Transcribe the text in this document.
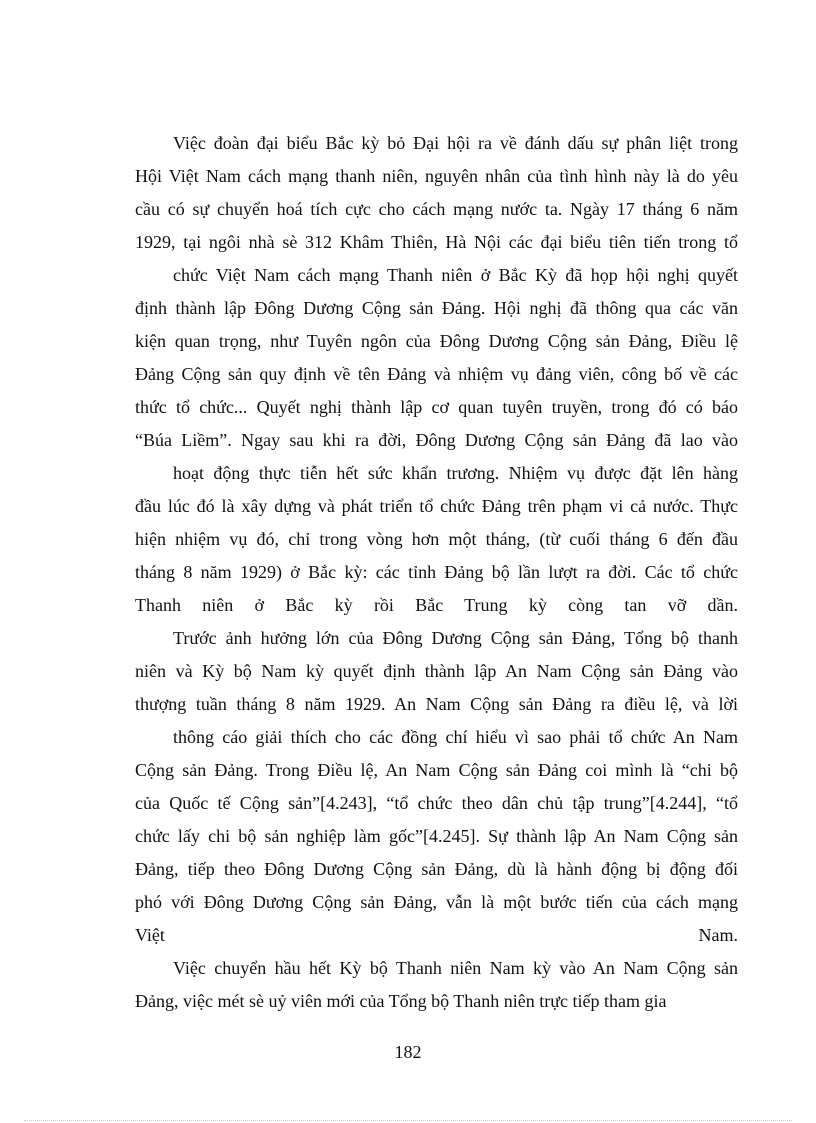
Việc đoàn đại biểu Bắc kỳ bỏ Đại hội ra về đánh dấu sự phân liệt trong
Hội Việt Nam cách mạng thanh niên, nguyên nhân của tình hình này là do yêu
cầu có sự chuyển hoá tích cực cho cách mạng nước ta. Ngày 17 tháng 6 năm
1929, tại ngôi nhà sè 312 Khâm Thiên, Hà Nội các đại biểu tiên tiến trong tổ
chức Việt Nam cách mạng Thanh niên ở Bắc Kỳ đã họp hội nghị quyết
định thành lập Đông Dương Cộng sản Đảng. Hội nghị đã thông qua các văn
kiện quan trọng, như Tuyên ngôn của Đông Dương Cộng sản Đảng, Điều lệ
Đảng Cộng sản quy định về tên Đảng và nhiệm vụ đảng viên, công bố về các
thức tổ chức... Quyết nghị thành lập cơ quan tuyên truyền, trong đó có báo
“Búa Liềm”. Ngay sau khi ra đời, Đông Dương Cộng sản Đảng đã lao vào
hoạt động thực tiễn hết sức khẩn trương. Nhiệm vụ được đặt lên hàng
đầu lúc đó là xây dựng và phát triển tổ chức Đảng trên phạm vi cả nước. Thực
hiện nhiệm vụ đó, chỉ trong vòng hơn một tháng, (từ cuối tháng 6 đến đầu
tháng 8 năm 1929) ở Bắc kỳ: các tỉnh Đảng bộ lần lượt ra đời. Các tổ chức
Thanh niên ở Bắc kỳ rồi Bắc Trung kỳ còng tan vỡ dần.
Trước ảnh hưởng lớn của Đông Dương Cộng sản Đảng, Tổng bộ thanh
niên và Kỳ bộ Nam kỳ quyết định thành lập An Nam Cộng sản Đảng vào
thượng tuần tháng 8 năm 1929. An Nam Cộng sản Đảng ra điều lệ, và lời
thông cáo giải thích cho các đồng chí hiểu vì sao phải tổ chức An Nam
Cộng sản Đảng. Trong Điều lệ, An Nam Cộng sản Đảng coi mình là “chi bộ
của Quốc tế Cộng sản”[4.243], “tổ chức theo dân chủ tập trung”[4.244], “tổ
chức lấy chi bộ sản nghiệp làm gốc”[4.245]. Sự thành lập An Nam Cộng sản
Đảng, tiếp theo Đông Dương Cộng sản Đảng, dù là hành động bị động đối
phó với Đông Dương Cộng sản Đảng, vẫn là một bước tiến của cách mạng
Việt Nam.
Việc chuyển hầu hết Kỳ bộ Thanh niên Nam kỳ vào An Nam Cộng sản
Đảng, việc mét sè uỷ viên mới của Tổng bộ Thanh niên trực tiếp tham gia
182
